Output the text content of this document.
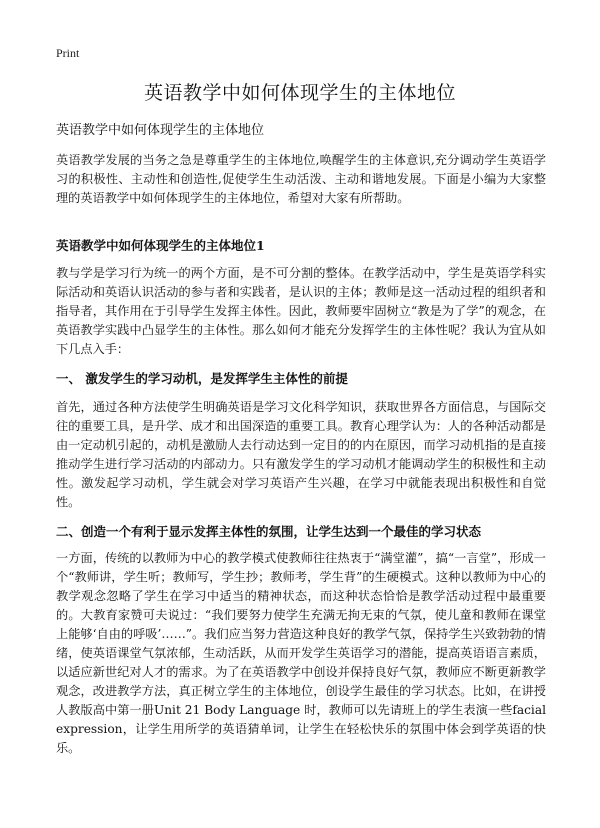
Print
英语教学中如何体现学生的主体地位
英语教学中如何体现学生的主体地位

英语教学发展的当务之急是尊重学生的主体地位,唤醒学生的主体意识,充分调动学生英语学习的积极性、主动性和创造性,促使学生生动活泼、主动和谐地发展。下面是小编为大家整理的英语教学中如何体现学生的主体地位，希望对大家有所帮助。

英语教学中如何体现学生的主体地位1

教与学是学习行为统一的两个方面，是不可分割的整体。在教学活动中，学生是英语学科实际活动和英语认识活动的参与者和实践者，是认识的主体；教师是这一活动过程的组织者和指导者，其作用在于引导学生发挥主体性。因此，教师要牢固树立“教是为了学”的观念，在英语教学实践中凸显学生的主体性。那么如何才能充分发挥学生的主体性呢？我认为宜从如下几点入手：

一、 激发学生的学习动机，是发挥学生主体性的前提

首先，通过各种方法使学生明确英语是学习文化科学知识，获取世界各方面信息，与国际交往的重要工具，是升学、成才和出国深造的重要工具。教育心理学认为：人的各种活动都是由一定动机引起的，动机是激励人去行动达到一定目的的内在原因，而学习动机指的是直接推动学生进行学习活动的内部动力。只有激发学生的学习动机才能调动学生的积极性和主动性。激发起学习动机，学生就会对学习英语产生兴趣，在学习中就能表现出积极性和自觉性。

二、创造一个有利于显示发挥主体性的氛围，让学生达到一个最佳的学习状态

一方面，传统的以教师为中心的教学模式使教师往往热衷于“满堂灌”，搞“一言堂”，形成一个“教师讲，学生听；教师写，学生抄；教师考，学生背”的生硬模式。这种以教师为中心的教学观念忽略了学生在学习中适当的精神状态，而这种状态恰恰是教学活动过程中最重要的。大教育家赞可夫说过：“我们要努力使学生充满无拘无束的气氛，使儿童和教师在课堂上能够‘自由的呼吸’……”。我们应当努力营造这种良好的教学气氛，保持学生兴致勃勃的情绪，使英语课堂气氛浓郁，生动活跃，从而开发学生英语学习的潜能，提高英语语言素质，以适应新世纪对人才的需求。为了在英语教学中创设并保持良好气氛，教师应不断更新教学观念，改进教学方法，真正树立学生的主体地位，创设学生最佳的学习状态。比如，在讲授人教版高中第一册Unit 21 Body Language 时，教师可以先请班上的学生表演一些facial expression，让学生用所学的英语猜单词，让学生在轻松快乐的氛围中体会到学英语的快乐。
